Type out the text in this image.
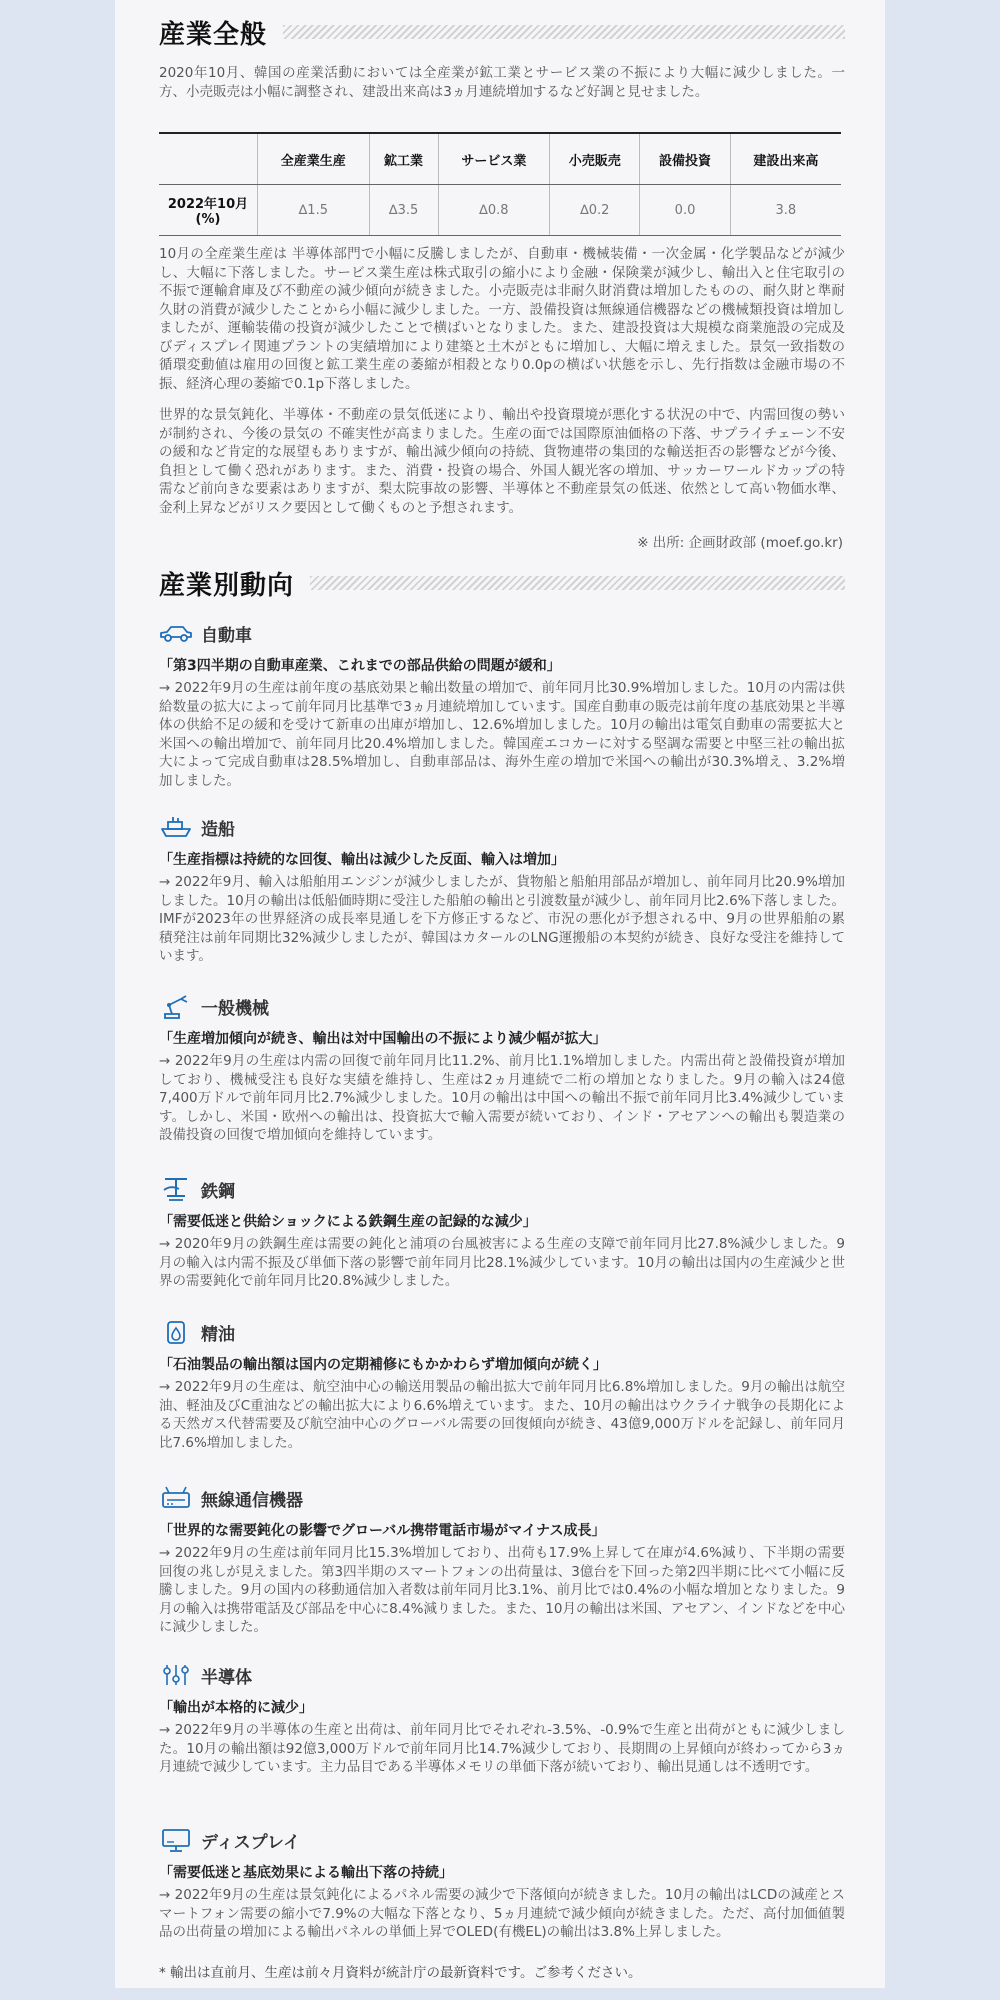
産業全般

2020年10月、韓国の産業活動においては全産業が鉱工業とサービス業の不振により大幅に減少しました。一方、小売販売は小幅に調整され、建設出来高は3ヵ月連続増加するなど好調と見せました。

	全産業生産	鉱工業	サービス業	小売販売	設備投資	建設出来高
2022年10月(%)	∆1.5	∆3.5	∆0.8	∆0.2	0.0	3.8

10月の全産業生産は 半導体部門で小幅に反騰しましたが、自動車・機械装備・一次金属・化学製品などが減少し、大幅に下落しました。サービス業生産は株式取引の縮小により金融・保険業が減少し、輸出入と住宅取引の不振で運輸倉庫及び不動産の減少傾向が続きました。小売販売は非耐久財消費は増加したものの、耐久財と準耐久財の消費が減少したことから小幅に減少しました。一方、設備投資は無線通信機器などの機械類投資は増加しましたが、運輸装備の投資が減少したことで横ばいとなりました。また、建設投資は大規模な商業施設の完成及びディスプレイ関連プラントの実績増加により建築と土木がともに増加し、大幅に増えました。景気一致指数の循環変動値は雇用の回復と鉱工業生産の萎縮が相殺となり0.0pの横ばい状態を示し、先行指数は金融市場の不振、経済心理の萎縮で0.1p下落しました。

世界的な景気鈍化、半導体・不動産の景気低迷により、輸出や投資環境が悪化する状況の中で、内需回復の勢いが制約され、今後の景気の 不確実性が高まりました。生産の面では国際原油価格の下落、サプライチェーン不安の緩和など肯定的な展望もありますが、輸出減少傾向の持続、貨物連帯の集団的な輸送拒否の影響などが今後、負担として働く恐れがあります。また、消費・投資の場合、外国人観光客の増加、サッカーワールドカップの特需など前向きな要素はありますが、梨太院事故の影響、半導体と不動産景気の低迷、依然として高い物価水準、金利上昇などがリスク要因として働くものと予想されます。

※ 出所: 企画財政部 (moef.go.kr)
産業別動向
自動車
「第3四半期の自動車産業、これまでの部品供給の問題が緩和」

→ 2022年9月の生産は前年度の基底効果と輸出数量の増加で、前年同月比30.9%増加しました。10月の内需は供給数量の拡大によって前年同月比基準で3ヵ月連続増加しています。国産自動車の販売は前年度の基底効果と半導体の供給不足の緩和を受けて新車の出庫が増加し、12.6%増加しました。10月の輸出は電気自動車の需要拡大と米国への輸出増加で、前年同月比20.4%増加しました。韓国産エコカーに対する堅調な需要と中堅三社の輸出拡大によって完成自動車は28.5%増加し、自動車部品は、海外生産の増加で米国への輸出が30.3%増え、3.2%増加しました。

造船
「生産指標は持続的な回復、輸出は減少した反面、輸入は増加」

→ 2022年9月、輸入は船舶用エンジンが減少しましたが、貨物船と船舶用部品が増加し、前年同月比20.9%増加しました。10月の輸出は低船価時期に受注した船舶の輸出と引渡数量が減少し、前年同月比2.6%下落しました。IMFが2023年の世界経済の成長率見通しを下方修正するなど、市況の悪化が予想される中、9月の世界船舶の累積発注は前年同期比32%減少しましたが、韓国はカタールのLNG運搬船の本契約が続き、良好な受注を維持しています。

一般機械
「生産増加傾向が続き、輸出は対中国輸出の不振により減少幅が拡大」

→ 2022年9月の生産は内需の回復で前年同月比11.2%、前月比1.1%増加しました。内需出荷と設備投資が増加しており、機械受注も良好な実績を維持し、生産は2ヵ月連続で二桁の増加となりました。9月の輸入は24億7,400万ドルで前年同月比2.7%減少しました。10月の輸出は中国への輸出不振で前年同月比3.4%減少しています。しかし、米国・欧州への輸出は、投資拡大で輸入需要が続いており、インド・アセアンへの輸出も製造業の設備投資の回復で増加傾向を維持しています。

鉄鋼
「需要低迷と供給ショックによる鉄鋼生産の記録的な減少」

→ 2020年9月の鉄鋼生産は需要の鈍化と浦項の台風被害による生産の支障で前年同月比27.8%減少しました。9月の輸入は内需不振及び単価下落の影響で前年同月比28.1%減少しています。10月の輸出は国内の生産減少と世界の需要鈍化で前年同月比20.8%減少しました。

精油
「石油製品の輸出額は国内の定期補修にもかかわらず増加傾向が続く」

→ 2022年9月の生産は、航空油中心の輸送用製品の輸出拡大で前年同月比6.8%増加しました。9月の輸出は航空油、軽油及びC重油などの輸出拡大により6.6%増えています。また、10月の輸出はウクライナ戦争の長期化による天然ガス代替需要及び航空油中心のグローバル需要の回復傾向が続き、43億9,000万ドルを記録し、前年同月比7.6%増加しました。

無線通信機器
「世界的な需要鈍化の影響でグローバル携帯電話市場がマイナス成長」

→ 2022年9月の生産は前年同月比15.3%増加しており、出荷も17.9%上昇して在庫が4.6%減り、下半期の需要回復の兆しが見えました。第3四半期のスマートフォンの出荷量は、3億台を下回った第2四半期に比べて小幅に反騰しました。9月の国内の移動通信加入者数は前年同月比3.1%、前月比では0.4%の小幅な増加となりました。9月の輸入は携帯電話及び部品を中心に8.4%減りました。また、10月の輸出は米国、アセアン、インドなどを中心に減少しました。

半導体
「輸出が本格的に減少」

→ 2022年9月の半導体の生産と出荷は、前年同月比でそれぞれ-3.5%、-0.9%で生産と出荷がともに減少しました。10月の輸出額は92億3,000万ドルで前年同月比14.7%減少しており、長期間の上昇傾向が終わってから3ヵ月連続で減少しています。主力品目である半導体メモリの単価下落が続いており、輸出見通しは不透明です。

ディスプレイ
「需要低迷と基底効果による輸出下落の持続」

→ 2022年9月の生産は景気鈍化によるパネル需要の減少で下落傾向が続きました。10月の輸出はLCDの減産とスマートフォン需要の縮小で7.9%の大幅な下落となり、5ヵ月連続で減少傾向が続きました。ただ、高付加価値製品の出荷量の増加による輸出パネルの単価上昇でOLED(有機EL)の輸出は3.8%上昇しました。

* 輸出は直前月、生産は前々月資料が統計庁の最新資料です。ご参考ください。
